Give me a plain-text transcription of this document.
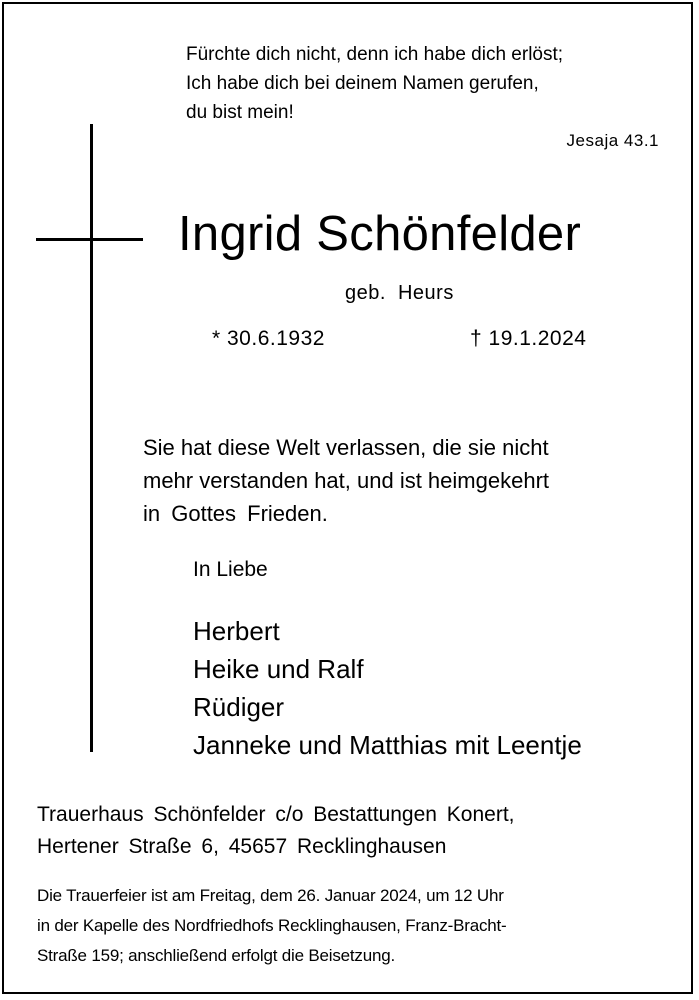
Fürchte dich nicht, denn ich habe dich erlöst;
Ich habe dich bei deinem Namen gerufen,
du bist mein!
Jesaja 43.1
Ingrid Schönfelder
geb. Heurs
* 30.6.1932	† 19.1.2024
Sie hat diese Welt verlassen, die sie nicht
mehr verstanden hat, und ist heimgekehrt
in Gottes Frieden.
In Liebe
Herbert
Heike und Ralf
Rüdiger
Janneke und Matthias mit Leentje
Trauerhaus Schönfelder c/o Bestattungen Konert,
Hertener Straße 6, 45657 Recklinghausen
Die Trauerfeier ist am Freitag, dem 26. Januar 2024, um 12 Uhr
in der Kapelle des Nordfriedhofs Recklinghausen, Franz-Bracht-
Straße 159; anschließend erfolgt die Beisetzung.
